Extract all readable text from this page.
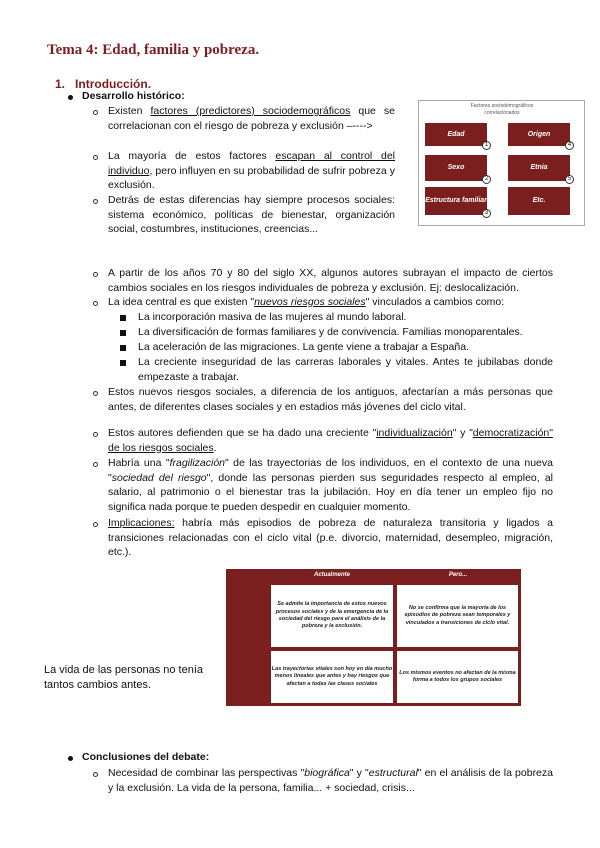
Tema 4: Edad, familia y pobreza.
1. Introducción.
Desarrollo histórico:
Existen factores (predictores) sociodemográficos que se correlacionan con el riesgo de pobreza y exclusión –---->
La mayoría de estos factores escapan al control del individuo, pero influyen en su probabilidad de sufrir pobreza y exclusión.
Detrás de estas diferencias hay siempre procesos sociales: sistema económico, políticas de bienestar, organización social, costumbres, instituciones, creencias...
Factores sociodemográficos correlacionados
Edad
1
Origen
4
Sexo
2
Etnia
5
Estructura familiar
3
Etc.
A partir de los años 70 y 80 del siglo XX, algunos autores subrayan el impacto de ciertos cambios sociales en los riesgos individuales de pobreza y exclusión. Ej: deslocalización.
La idea central es que existen "nuevos riesgos sociales" vinculados a cambios como:
La incorporación masiva de las mujeres al mundo laboral.
La diversificación de formas familiares y de convivencia. Familias monoparentales.
La aceleración de las migraciones. La gente viene a trabajar a España.
La creciente inseguridad de las carreras laborales y vitales. Antes te jubilabas donde empezaste a trabajar.
Estos nuevos riesgos sociales, a diferencia de los antiguos, afectarían a más personas que antes, de diferentes clases sociales y en estadios más jóvenes del ciclo vital.
Estos autores defienden que se ha dado una creciente "individualización" y "democratización" de los riesgos sociales.
Habría una "fragilización" de las trayectorias de los individuos, en el contexto de una nueva "sociedad del riesgo", donde las personas pierden sus seguridades respecto al empleo, al salario, al patrimonio o el bienestar tras la jubilación. Hoy en día tener un empleo fijo no significa nada porque te pueden despedir en cualquier momento.
Implicaciones: habría más episodios de pobreza de naturaleza transitoria y ligados a transiciones relacionadas con el ciclo vital (p.e. divorcio, maternidad, desempleo, migración, etc.).
La vida de las personas no tenía tantos cambios antes.
Actualmente	Pero...
Se admite la importancia de estos nuevos procesos sociales y de la emergencia de la sociedad del riesgo para el análisis de la pobreza y la exclusión.
No se confirma que la mayoría de los episodios de pobreza sean temporales y vinculados a transiciones de ciclo vital.
Las trayectorias vitales son hoy en día mucho menos lineales que antes y hay riesgos que afectan a todas las clases sociales
Los mismos eventos no afectan de la misma forma a todos los grupos sociales
Conclusiones del debate:
Necesidad de combinar las perspectivas "biográfica" y "estructural" en el análisis de la pobreza y la exclusión. La vida de la persona, familia... + sociedad, crisis...
